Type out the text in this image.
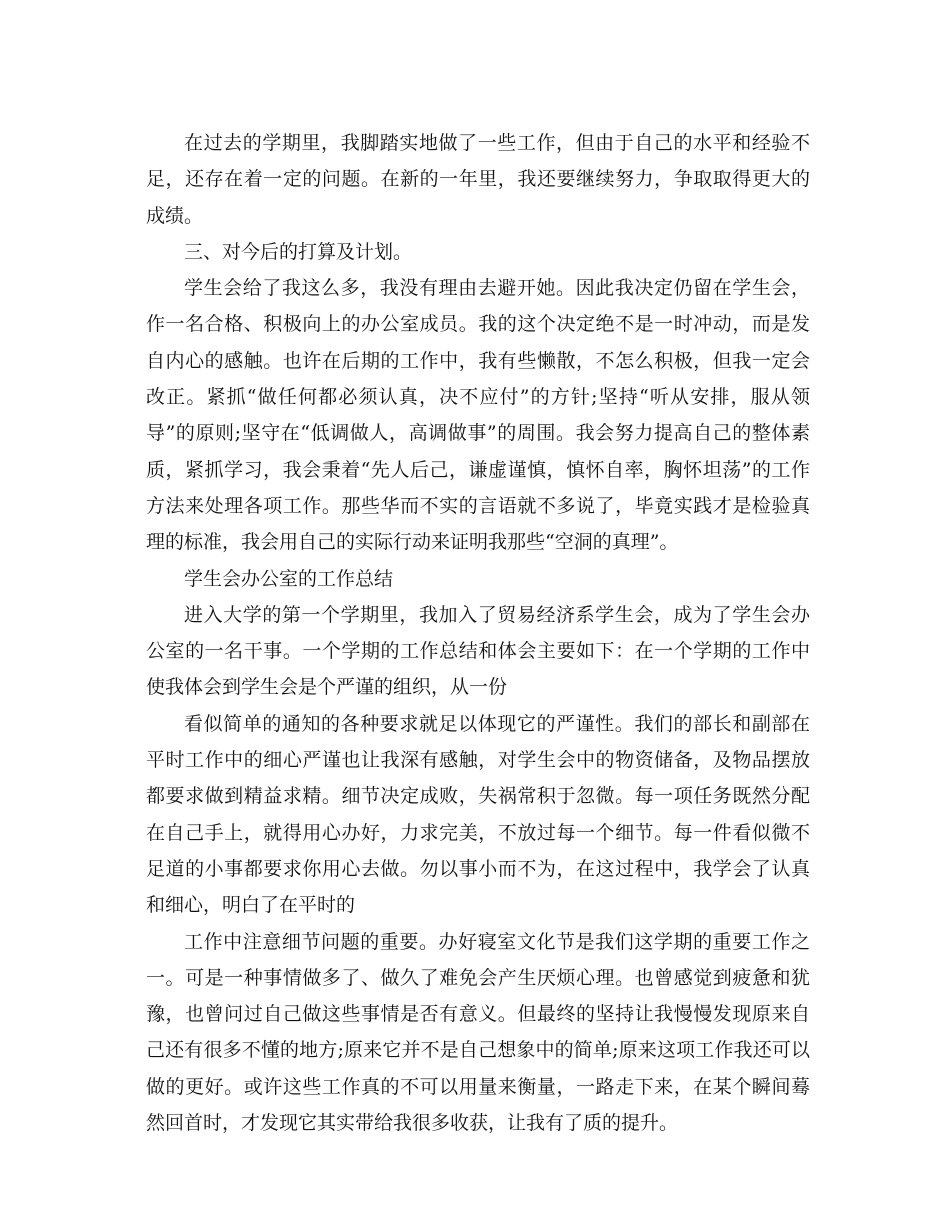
在过去的学期里，我脚踏实地做了一些工作，但由于自己的水平和经验不足，还存在着一定的问题。在新的一年里，我还要继续努力，争取取得更大的成绩。

三、对今后的打算及计划。

学生会给了我这么多，我没有理由去避开她。因此我决定仍留在学生会，作一名合格、积极向上的办公室成员。我的这个决定绝不是一时冲动，而是发自内心的感触。也许在后期的工作中，我有些懒散，不怎么积极，但我一定会改正。紧抓“做任何都必须认真，决不应付”的方针;坚持“听从安排，服从领导”的原则;坚守在“低调做人，高调做事”的周围。我会努力提高自己的整体素质，紧抓学习，我会秉着“先人后己，谦虚谨慎，慎怀自率，胸怀坦荡”的工作方法来处理各项工作。那些华而不实的言语就不多说了，毕竟实践才是检验真理的标准，我会用自己的实际行动来证明我那些“空洞的真理”。

学生会办公室的工作总结

进入大学的第一个学期里，我加入了贸易经济系学生会，成为了学生会办公室的一名干事。一个学期的工作总结和体会主要如下：在一个学期的工作中使我体会到学生会是个严谨的组织，从一份

看似简单的通知的各种要求就足以体现它的严谨性。我们的部长和副部在平时工作中的细心严谨也让我深有感触，对学生会中的物资储备，及物品摆放都要求做到精益求精。细节决定成败，失祸常积于忽微。每一项任务既然分配在自己手上，就得用心办好，力求完美，不放过每一个细节。每一件看似微不足道的小事都要求你用心去做。勿以事小而不为，在这过程中，我学会了认真和细心，明白了在平时的

工作中注意细节问题的重要。办好寝室文化节是我们这学期的重要工作之一。可是一种事情做多了、做久了难免会产生厌烦心理。也曾感觉到疲惫和犹豫，也曾问过自己做这些事情是否有意义。但最终的坚持让我慢慢发现原来自己还有很多不懂的地方;原来它并不是自己想象中的简单;原来这项工作我还可以做的更好。或许这些工作真的不可以用量来衡量，一路走下来，在某个瞬间蓦然回首时，才发现它其实带给我很多收获，让我有了质的提升。
